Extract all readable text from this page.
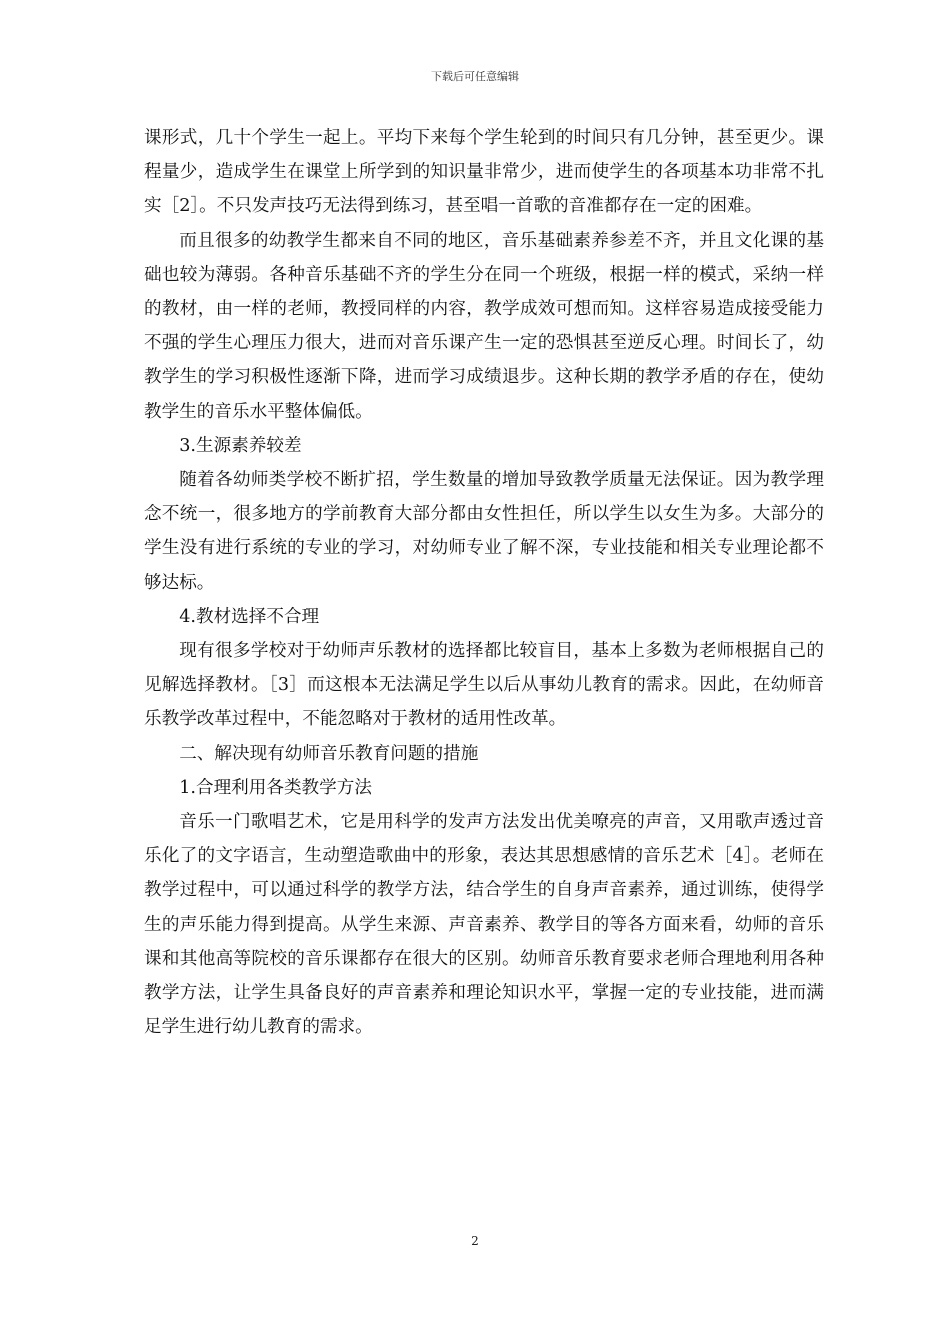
下载后可任意编辑

课形式，几十个学生一起上。平均下来每个学生轮到的时间只有几分钟，甚至更少。课程量少，造成学生在课堂上所学到的知识量非常少，进而使学生的各项基本功非常不扎实［2］。不只发声技巧无法得到练习，甚至唱一首歌的音准都存在一定的困难。

而且很多的幼教学生都来自不同的地区，音乐基础素养参差不齐，并且文化课的基础也较为薄弱。各种音乐基础不齐的学生分在同一个班级，根据一样的模式，采纳一样的教材，由一样的老师，教授同样的内容，教学成效可想而知。这样容易造成接受能力不强的学生心理压力很大，进而对音乐课产生一定的恐惧甚至逆反心理。时间长了，幼教学生的学习积极性逐渐下降，进而学习成绩退步。这种长期的教学矛盾的存在，使幼教学生的音乐水平整体偏低。

3.生源素养较差

随着各幼师类学校不断扩招，学生数量的增加导致教学质量无法保证。因为教学理念不统一，很多地方的学前教育大部分都由女性担任，所以学生以女生为多。大部分的学生没有进行系统的专业的学习，对幼师专业了解不深，专业技能和相关专业理论都不够达标。

4.教材选择不合理

现有很多学校对于幼师声乐教材的选择都比较盲目，基本上多数为老师根据自己的见解选择教材。［3］而这根本无法满足学生以后从事幼儿教育的需求。因此，在幼师音乐教学改革过程中，不能忽略对于教材的适用性改革。

二、解决现有幼师音乐教育问题的措施

1.合理利用各类教学方法

音乐一门歌唱艺术，它是用科学的发声方法发出优美嘹亮的声音，又用歌声透过音乐化了的文字语言，生动塑造歌曲中的形象，表达其思想感情的音乐艺术［4］。老师在教学过程中，可以通过科学的教学方法，结合学生的自身声音素养，通过训练，使得学生的声乐能力得到提高。从学生来源、声音素养、教学目的等各方面来看，幼师的音乐课和其他高等院校的音乐课都存在很大的区别。幼师音乐教育要求老师合理地利用各种教学方法，让学生具备良好的声音素养和理论知识水平，掌握一定的专业技能，进而满足学生进行幼儿教育的需求。

2
